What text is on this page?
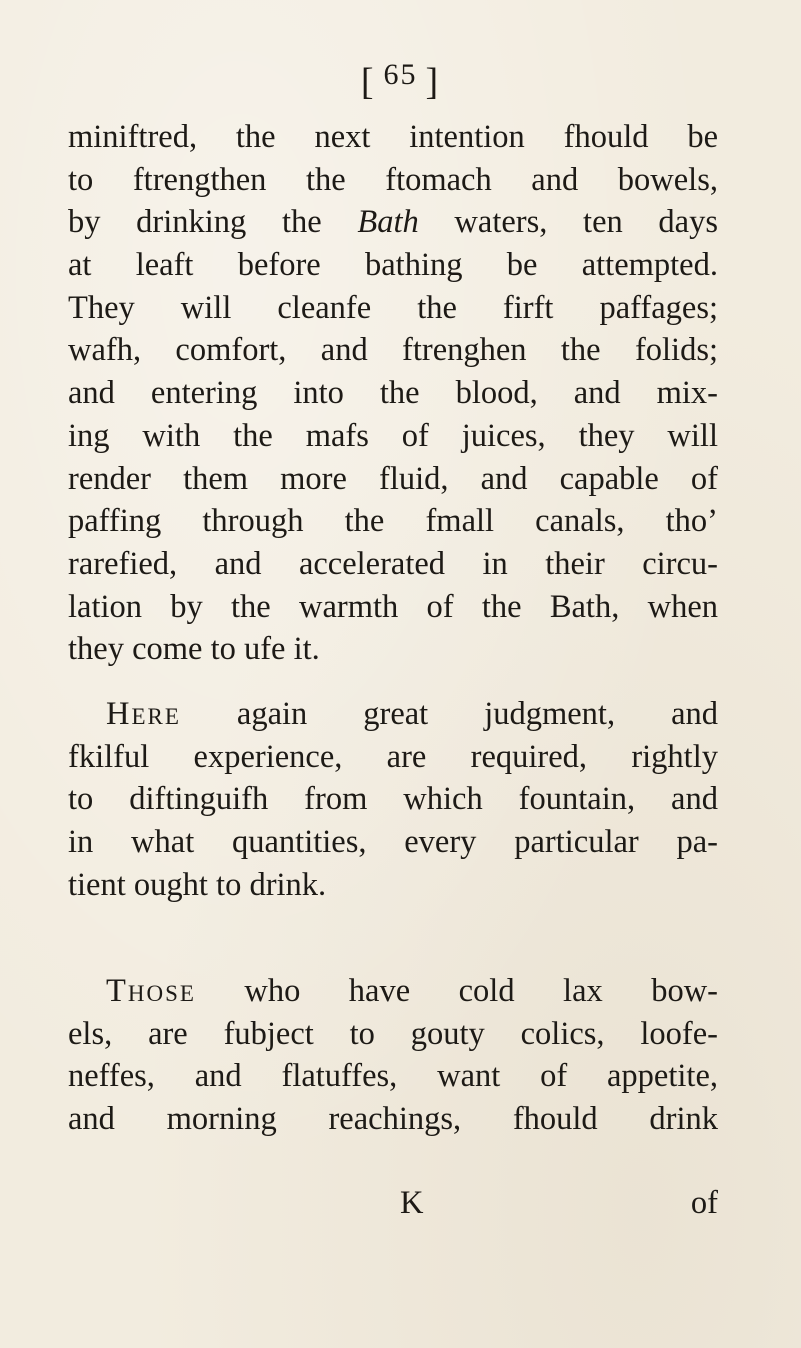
[ $^{65}$ ]
miniftred, the next intention fhould be
to ftrengthen the ftomach and bowels,
by drinking the Bath waters, ten days
at leaft before bathing be attempted.
They will cleanfe the firft paffages;
wafh, comfort, and ftrenghen the folids;
and entering into the blood, and mix-
ing with the mafs of juices, they will
render them more fluid, and capable of
paffing through the fmall canals, tho’
rarefied, and accelerated in their circu-
lation by the warmth of the Bath, when
they come to ufe it.
Here again great judgment, and
fkilful experience, are required, rightly
to diftinguifh from which fountain, and
in what quantities, every particular pa-
tient ought to drink.
Those who have cold lax bow-
els, are fubject to gouty colics, loofe-
neffes, and flatuffes, want of appetite,
and morning reachings, fhould drink
K	of
